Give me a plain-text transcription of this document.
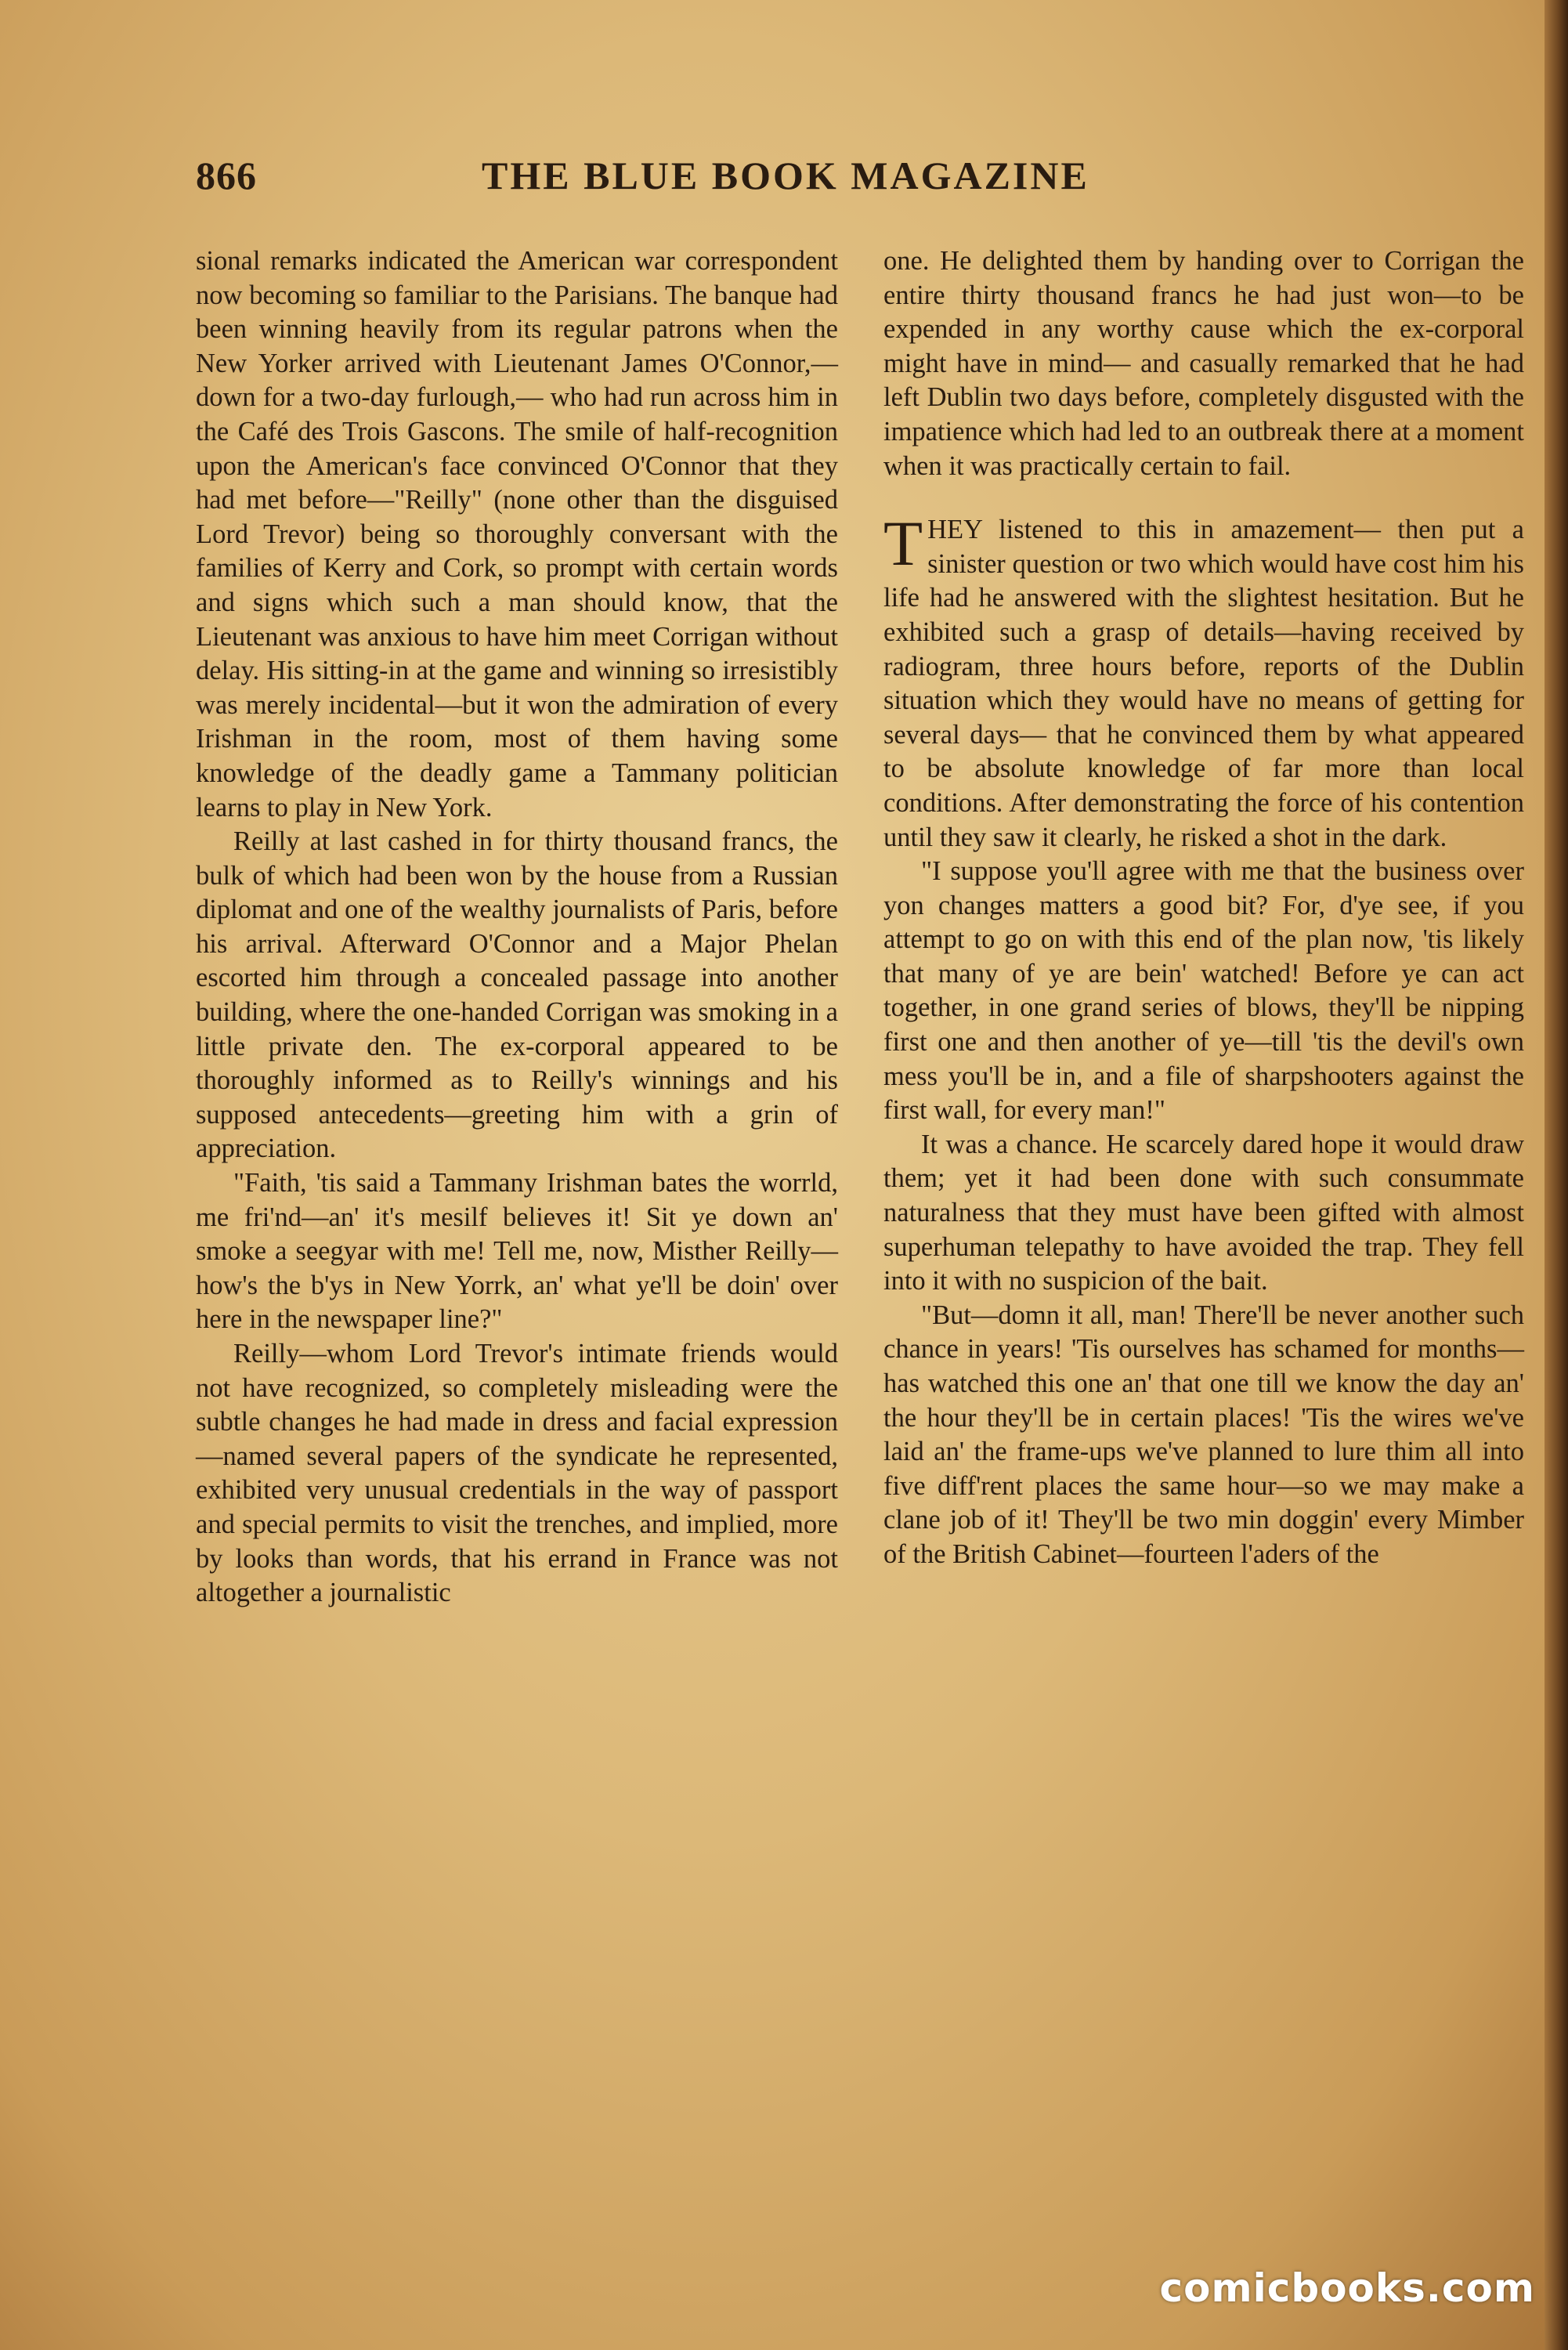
866	THE BLUE BOOK MAGAZINE

sional remarks indicated the American war correspondent now becoming so familiar to the Parisians. The banque had been winning heavily from its regular patrons when the New Yorker arrived with Lieutenant James O'Connor,—down for a two-day furlough,— who had run across him in the Café des Trois Gascons. The smile of half-recognition upon the American's face convinced O'Connor that they had met before—"Reilly" (none other than the disguised Lord Trevor) being so thoroughly conversant with the families of Kerry and Cork, so prompt with certain words and signs which such a man should know, that the Lieutenant was anxious to have him meet Corrigan without delay. His sitting-in at the game and winning so irresistibly was merely incidental—but it won the admiration of every Irishman in the room, most of them having some knowledge of the deadly game a Tammany politician learns to play in New York.

Reilly at last cashed in for thirty thousand francs, the bulk of which had been won by the house from a Russian diplomat and one of the wealthy journalists of Paris, before his arrival. Afterward O'Connor and a Major Phelan escorted him through a concealed passage into another building, where the one-handed Corrigan was smoking in a little private den. The ex-corporal appeared to be thoroughly informed as to Reilly's winnings and his supposed antecedents—greeting him with a grin of appreciation.

"Faith, 'tis said a Tammany Irishman bates the worrld, me fri'nd—an' it's mesilf believes it! Sit ye down an' smoke a seegyar with me! Tell me, now, Misther Reilly—how's the b'ys in New Yorrk, an' what ye'll be doin' over here in the newspaper line?"

Reilly—whom Lord Trevor's intimate friends would not have recognized, so completely misleading were the subtle changes he had made in dress and facial expression—named several papers of the syndicate he represented, exhibited very unusual credentials in the way of passport and special permits to visit the trenches, and implied, more by looks than words, that his errand in France was not altogether a journalistic

one. He delighted them by handing over to Corrigan the entire thirty thousand francs he had just won—to be expended in any worthy cause which the ex-corporal might have in mind— and casually remarked that he had left Dublin two days before, completely disgusted with the impatience which had led to an outbreak there at a moment when it was practically certain to fail.

THEY listened to this in amazement— then put a sinister question or two which would have cost him his life had he answered with the slightest hesitation. But he exhibited such a grasp of details—having received by radiogram, three hours before, reports of the Dublin situation which they would have no means of getting for several days— that he convinced them by what appeared to be absolute knowledge of far more than local conditions. After demonstrating the force of his contention until they saw it clearly, he risked a shot in the dark.

"I suppose you'll agree with me that the business over yon changes matters a good bit? For, d'ye see, if you attempt to go on with this end of the plan now, 'tis likely that many of ye are bein' watched! Before ye can act together, in one grand series of blows, they'll be nipping first one and then another of ye—till 'tis the devil's own mess you'll be in, and a file of sharpshooters against the first wall, for every man!"

It was a chance. He scarcely dared hope it would draw them; yet it had been done with such consummate naturalness that they must have been gifted with almost superhuman telepathy to have avoided the trap. They fell into it with no suspicion of the bait.

"But—domn it all, man! There'll be never another such chance in years! 'Tis ourselves has schamed for months—has watched this one an' that one till we know the day an' the hour they'll be in certain places! 'Tis the wires we've laid an' the frame-ups we've planned to lure thim all into five diff'rent places the same hour—so we may make a clane job of it! They'll be two min doggin' every Mimber of the British Cabinet—fourteen l'aders of the

comicbooks.com
